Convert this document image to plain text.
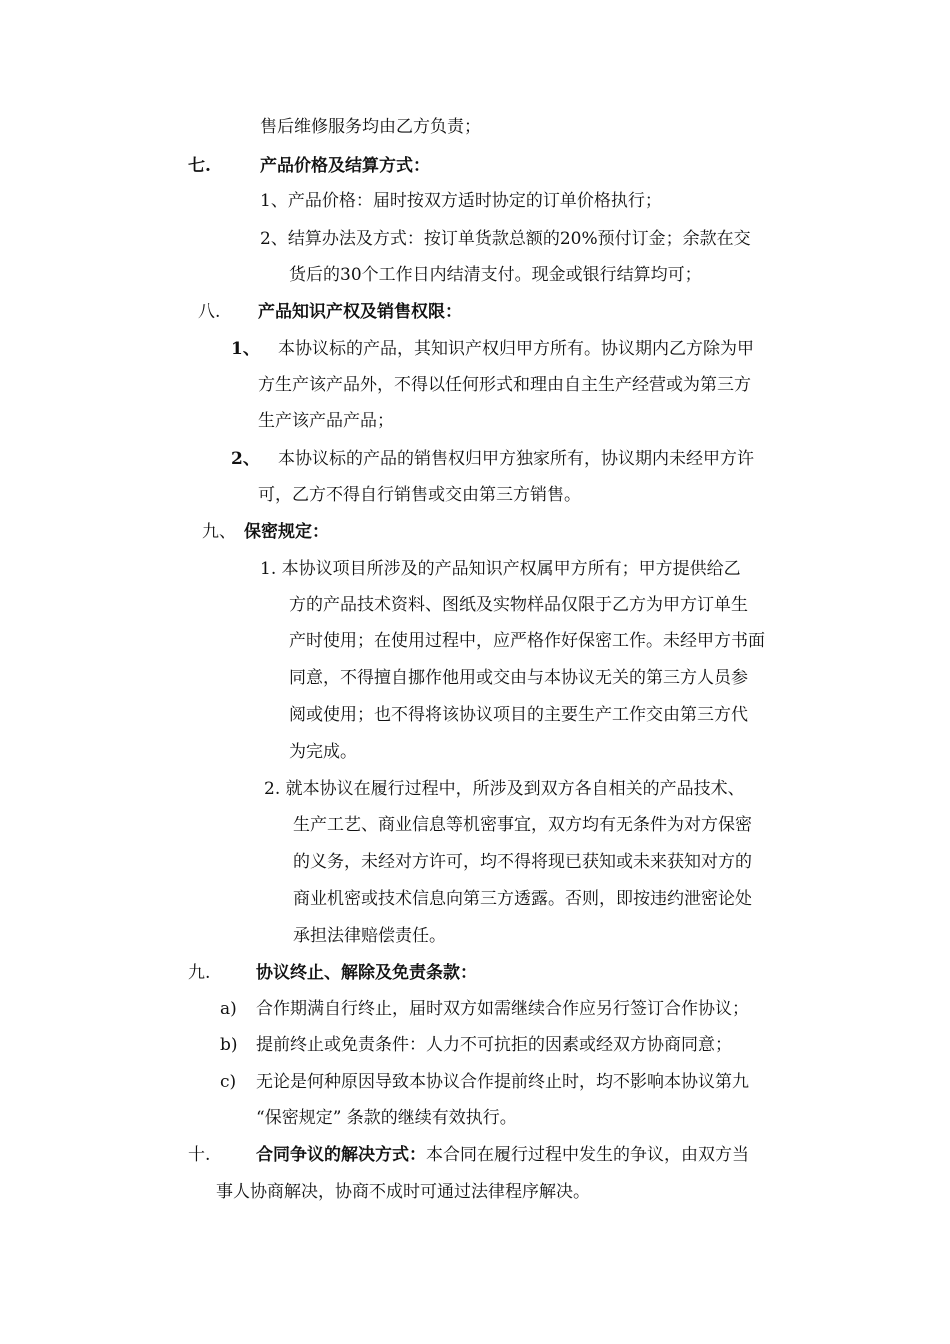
售后维修服务均由乙方负责；
七.	产品价格及结算方式：
1、产品价格：届时按双方适时协定的订单价格执行；
2、结算办法及方式：按订单货款总额的20%预付订金；余款在交
货后的30个工作日内结清支付。现金或银行结算均可；
八. 产品知识产权及销售权限：
1、 本协议标的产品，其知识产权归甲方所有。协议期内乙方除为甲
方生产该产品外，不得以任何形式和理由自主生产经营或为第三方
生产该产品产品；
2、 本协议标的产品的销售权归甲方独家所有，协议期内未经甲方许
可，乙方不得自行销售或交由第三方销售。
九、 保密规定：
1. 本协议项目所涉及的产品知识产权属甲方所有；甲方提供给乙
方的产品技术资料、图纸及实物样品仅限于乙方为甲方订单生
产时使用；在使用过程中，应严格作好保密工作。未经甲方书面
同意，不得擅自挪作他用或交由与本协议无关的第三方人员参
阅或使用；也不得将该协议项目的主要生产工作交由第三方代
为完成。
2. 就本协议在履行过程中，所涉及到双方各自相关的产品技术、
生产工艺、商业信息等机密事宜，双方均有无条件为对方保密
的义务，未经对方许可，均不得将现已获知或未来获知对方的
商业机密或技术信息向第三方透露。否则，即按违约泄密论处
承担法律赔偿责任。
九.	协议终止、解除及免责条款：
a) 合作期满自行终止，届时双方如需继续合作应另行签订合作协议；
b) 提前终止或免责条件：人力不可抗拒的因素或经双方协商同意；
c) 无论是何种原因导致本协议合作提前终止时，均不影响本协议第九
“保密规定” 条款的继续有效执行。
十.	合同争议的解决方式：本合同在履行过程中发生的争议，由双方当
事人协商解决，协商不成时可通过法律程序解决。
